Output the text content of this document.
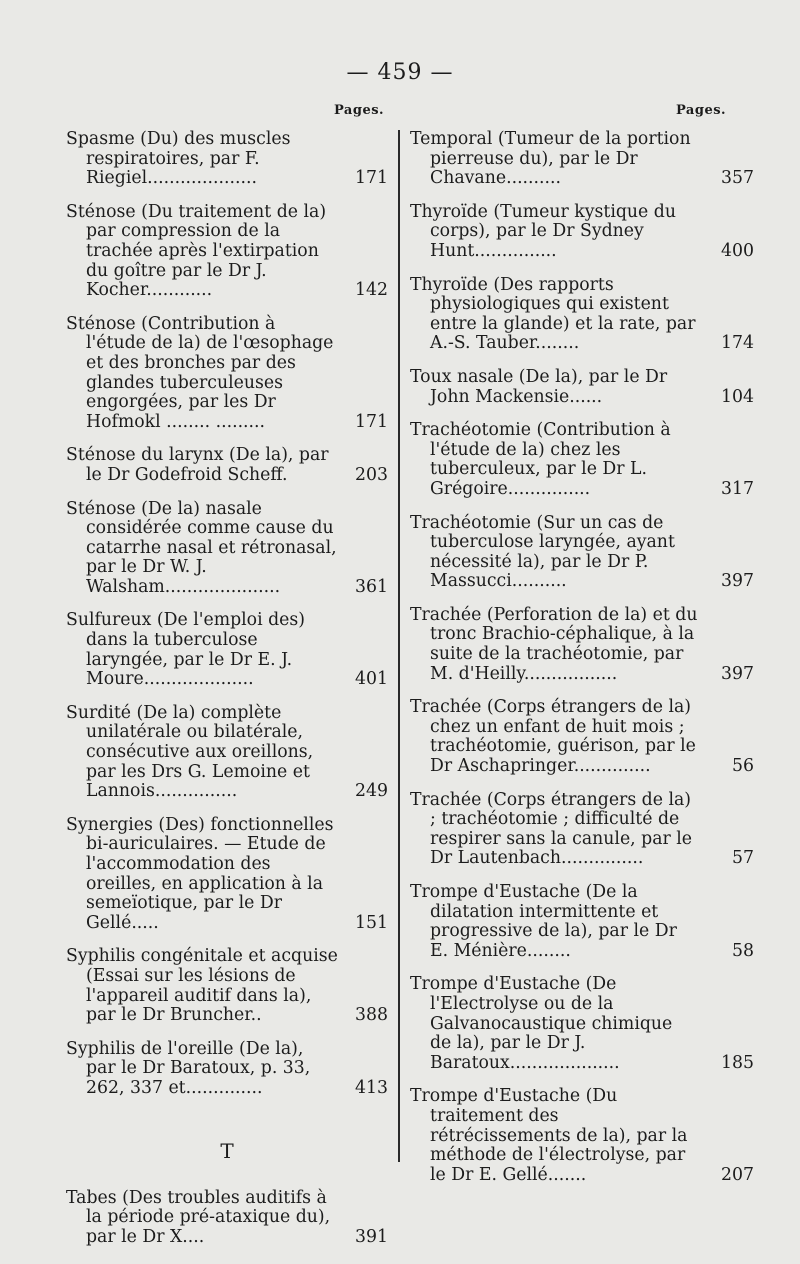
— 459 —
Pages.	Pages.
Spasme (Du) des muscles respiratoires, par F. Riegiel....................	171
Sténose (Du traitement de la) par compression de la trachée après l'extirpation du goître par le Dr J. Kocher............	142
Sténose (Contribution à l'étude de la) de l'œsophage et des bronches par des glandes tuberculeuses engorgées, par les Dr Hofmokl ........ .........	171
Sténose du larynx (De la), par le Dr Godefroid Scheff.	203
Sténose (De la) nasale considérée comme cause du catarrhe nasal et rétronasal, par le Dr W. J. Walsham.....................	361
Sulfureux (De l'emploi des) dans la tuberculose laryngée, par le Dr E. J. Moure....................	401
Surdité (De la) complète unilatérale ou bilatérale, consécutive aux oreillons, par les Drs G. Lemoine et Lannois...............	249
Synergies (Des) fonctionnelles bi-auriculaires. — Etude de l'accommodation des oreilles, en application à la semeïotique, par le Dr Gellé.....	151
Syphilis congénitale et acquise (Essai sur les lésions de l'appareil auditif dans la), par le Dr Bruncher..	388
Syphilis de l'oreille (De la), par le Dr Baratoux, p. 33, 262, 337 et..............	413
T
Tabes (Des troubles auditifs à la période pré-ataxique du), par le Dr X....	391
Temporal (Tumeur de la portion pierreuse du), par le Dr Chavane..........	357
Thyroïde (Tumeur kystique du corps), par le Dr Sydney Hunt...............	400
Thyroïde (Des rapports physiologiques qui existent entre la glande) et la rate, par A.-S. Tauber........	174
Toux nasale (De la), par le Dr John Mackensie......	104
Trachéotomie (Contribution à l'étude de la) chez les tuberculeux, par le Dr L. Grégoire...............	317
Trachéotomie (Sur un cas de tuberculose laryngée, ayant nécessité la), par le Dr P. Massucci..........	397
Trachée (Perforation de la) et du tronc Brachio-céphalique, à la suite de la trachéotomie, par M. d'Heilly.................	397
Trachée (Corps étrangers de la) chez un enfant de huit mois ; trachéotomie, guérison, par le Dr Aschapringer..............	56
Trachée (Corps étrangers de la) ; trachéotomie ; difficulté de respirer sans la canule, par le Dr Lautenbach...............	57
Trompe d'Eustache (De la dilatation intermittente et progressive de la), par le Dr E. Ménière........	58
Trompe d'Eustache (De l'Electrolyse ou de la Galvanocaustique chimique de la), par le Dr J. Baratoux....................	185
Trompe d'Eustache (Du traitement des rétrécissements de la), par la méthode de l'électrolyse, par le Dr E. Gellé.......	207
